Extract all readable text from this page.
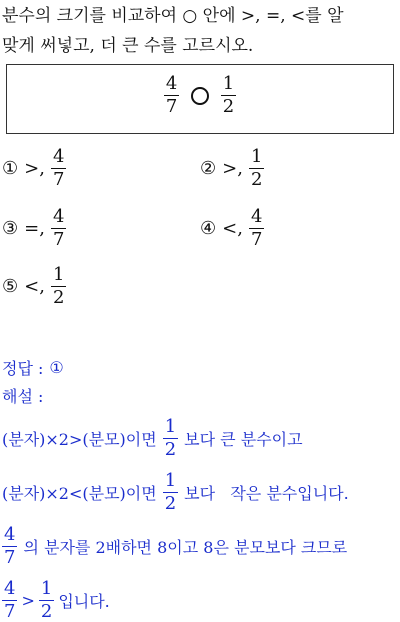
분수의 크기를 비교하여 ○ 안에 >, =, <를 알
맞게 써넣고, 더 큰 수를 고르시오.
$\frac{4}{7}$
$\frac{1}{2}$
① >, $\frac{4}{7}$	② >, $\frac{1}{2}$
③ =, $\frac{4}{7}$	④ <, $\frac{4}{7}$
⑤ <, $\frac{1}{2}$
정답 : ①
해설 :
(분자)×2>(분모)이면 $\frac{1}{2}$ 보다 큰 분수이고
(분자)×2<(분모)이면 $\frac{1}{2}$ 보다   작은 분수입니다.
$\frac{4}{7}$ 의 분자를 2배하면 8이고 8은 분모보다 크므로
$\frac{4}{7} > \frac{1}{2}$ 입니다.
